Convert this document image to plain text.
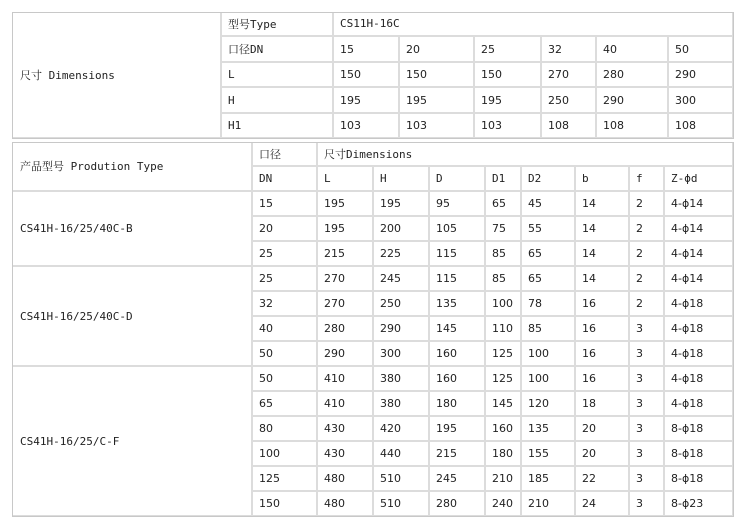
尺寸 Dimensions
型号Type	CS11H-16C
口径DN	15	20	25	32	40	50
L	150	150	150	270	280	290
H	195	195	195	250	290	300
H1	103	103	103	108	108	108
产品型号 Prodution Type
口径	尺寸Dimensions
DN	L	H	D	D1	D2	b	f	Z-ϕd
CS41H-16/25/40C-B
15	195	195	95	65	45	14	2	4-ϕ14
20	195	200	105	75	55	14	2	4-ϕ14
25	215	225	115	85	65	14	2	4-ϕ14
CS41H-16/25/40C-D
25	270	245	115	85	65	14	2	4-ϕ14
32	270	250	135	100	78	16	2	4-ϕ18
40	280	290	145	110	85	16	3	4-ϕ18
50	290	300	160	125	100	16	3	4-ϕ18
CS41H-16/25/C-F
50	410	380	160	125	100	16	3	4-ϕ18
65	410	380	180	145	120	18	3	4-ϕ18
80	430	420	195	160	135	20	3	8-ϕ18
100	430	440	215	180	155	20	3	8-ϕ18
125	480	510	245	210	185	22	3	8-ϕ18
150	480	510	280	240	210	24	3	8-ϕ23
